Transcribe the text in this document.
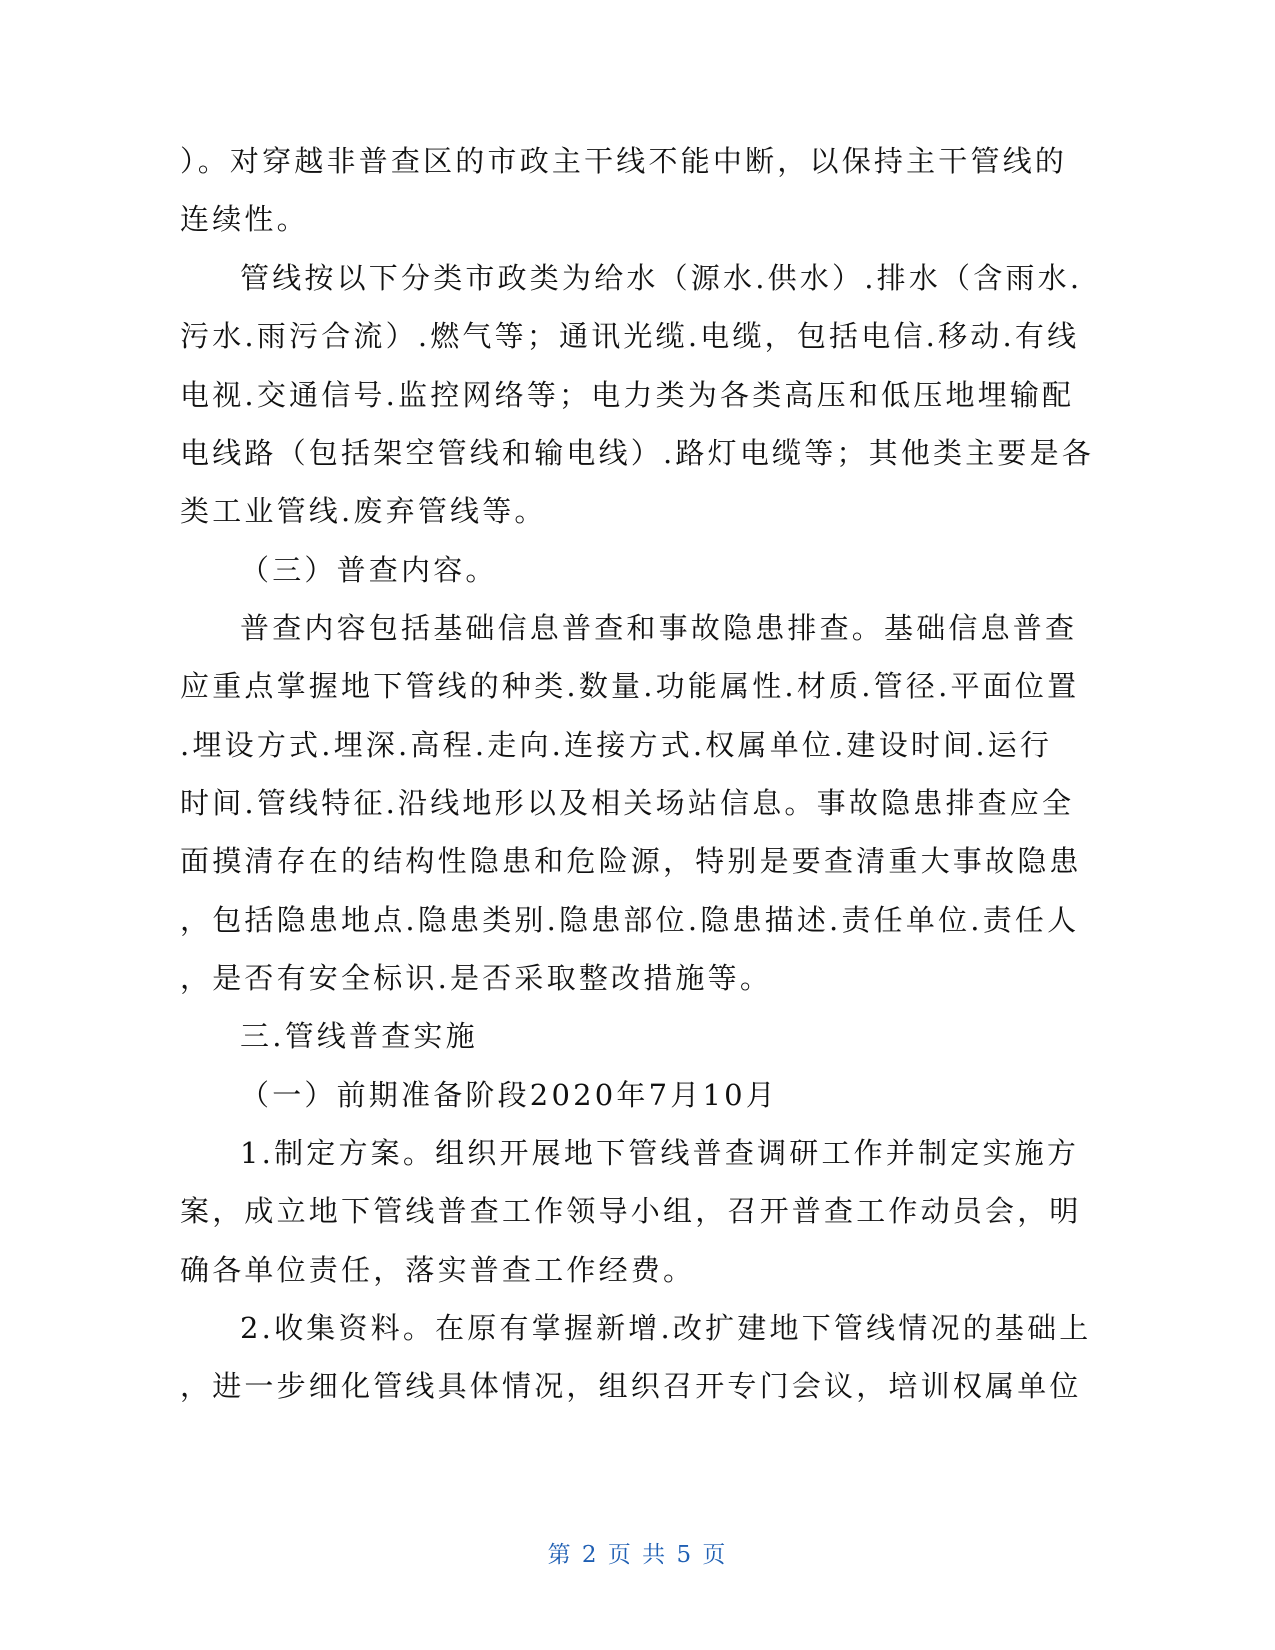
）。对穿越非普查区的市政主干线不能中断，以保持主干管线的
连续性。
管线按以下分类市政类为给水（源水.供水）.排水（含雨水.
污水.雨污合流）.燃气等；通讯光缆.电缆，包括电信.移动.有线
电视.交通信号.监控网络等；电力类为各类高压和低压地埋输配
电线路（包括架空管线和输电线）.路灯电缆等；其他类主要是各
类工业管线.废弃管线等。
（三）普查内容。
普查内容包括基础信息普查和事故隐患排查。基础信息普查
应重点掌握地下管线的种类.数量.功能属性.材质.管径.平面位置
.埋设方式.埋深.高程.走向.连接方式.权属单位.建设时间.运行
时间.管线特征.沿线地形以及相关场站信息。事故隐患排查应全
面摸清存在的结构性隐患和危险源，特别是要查清重大事故隐患
，包括隐患地点.隐患类别.隐患部位.隐患描述.责任单位.责任人
，是否有安全标识.是否采取整改措施等。
三.管线普查实施
（一）前期准备阶段2020年7月10月
1.制定方案。组织开展地下管线普查调研工作并制定实施方
案，成立地下管线普查工作领导小组，召开普查工作动员会，明
确各单位责任，落实普查工作经费。
2.收集资料。在原有掌握新增.改扩建地下管线情况的基础上
，进一步细化管线具体情况，组织召开专门会议，培训权属单位
第 2 页 共 5 页
